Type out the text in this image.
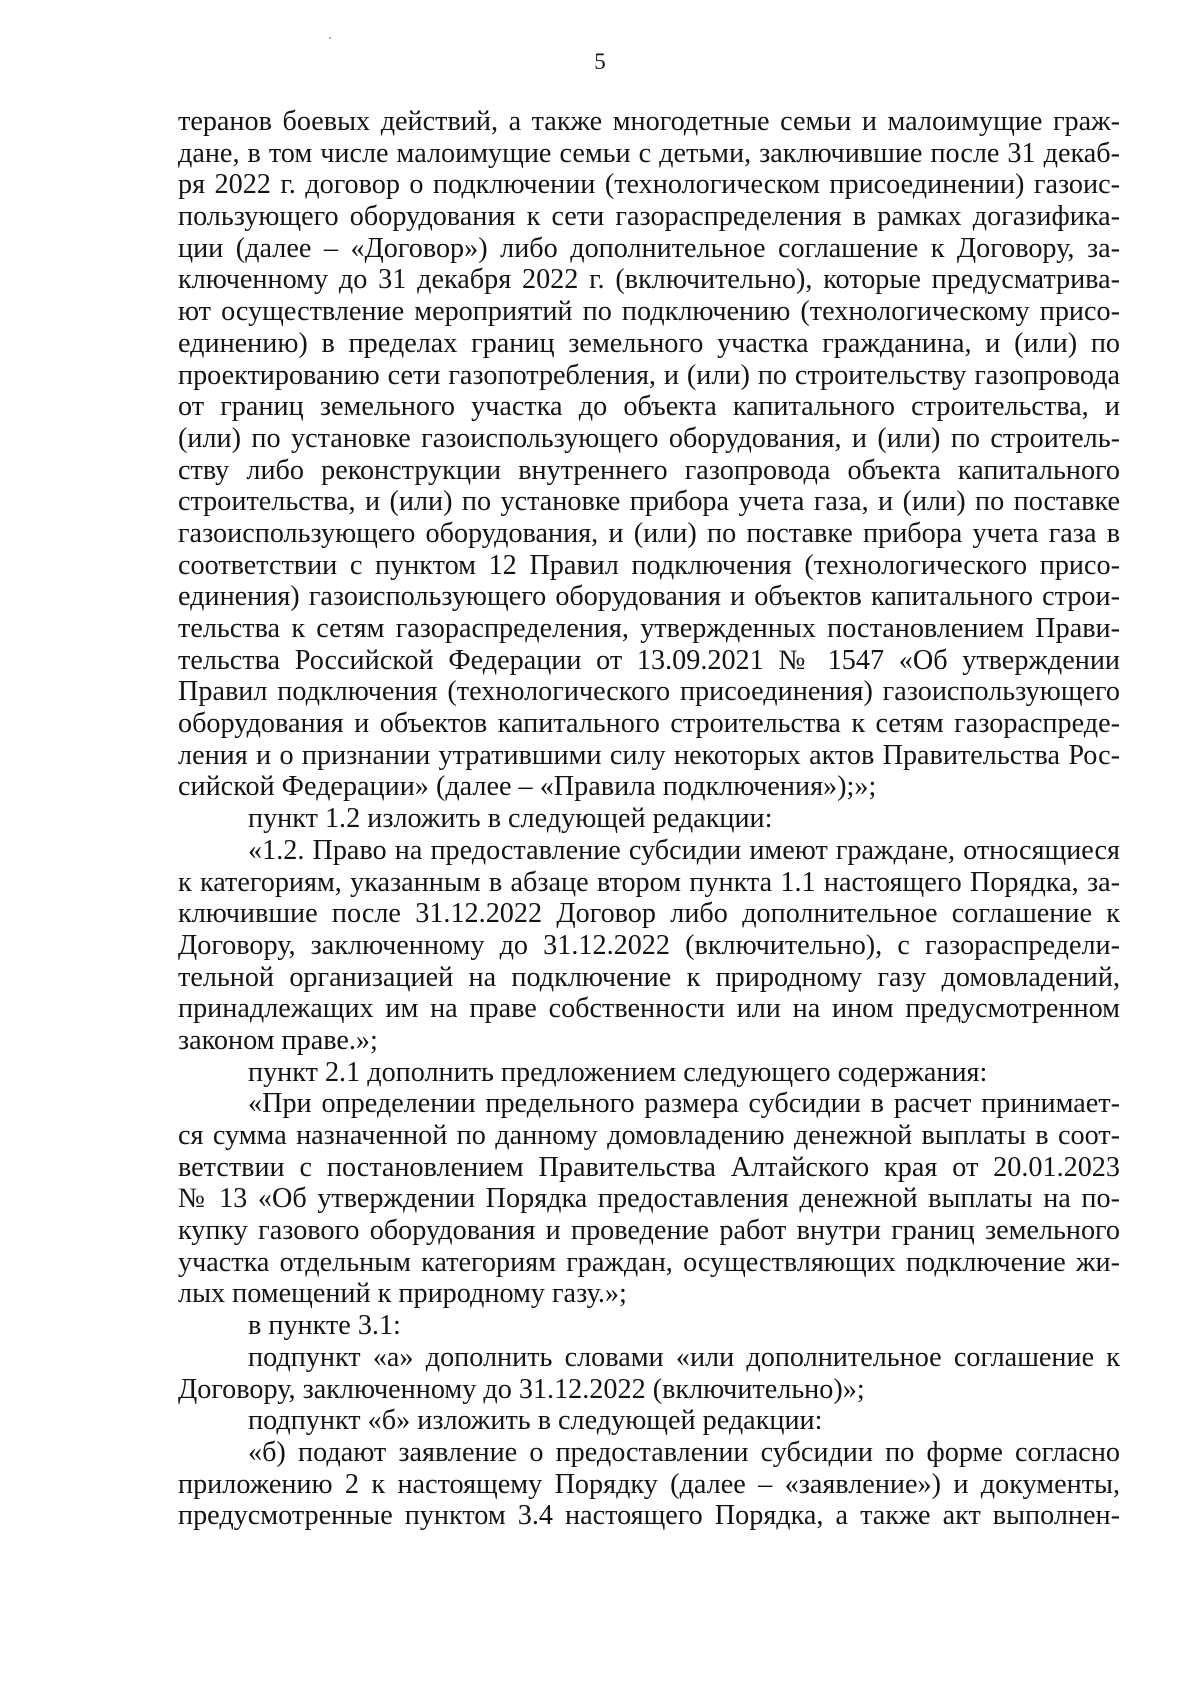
5
теранов боевых действий, а также многодетные семьи и малоимущие граж-
дане, в том числе малоимущие семьи с детьми, заключившие после 31 декаб-
ря 2022 г. договор о подключении (технологическом присоединении) газоис-
пользующего оборудования к сети газораспределения в рамках догазифика-
ции (далее – «Договор») либо дополнительное соглашение к Договору, за-
ключенному до 31 декабря 2022 г. (включительно), которые предусматрива-
ют осуществление мероприятий по подключению (технологическому присо-
единению) в пределах границ земельного участка гражданина, и (или) по
проектированию сети газопотребления, и (или) по строительству газопровода
от границ земельного участка до объекта капитального строительства, и
(или) по установке газоиспользующего оборудования, и (или) по строитель-
ству либо реконструкции внутреннего газопровода объекта капитального
строительства, и (или) по установке прибора учета газа, и (или) по поставке
газоиспользующего оборудования, и (или) по поставке прибора учета газа в
соответствии с пунктом 12 Правил подключения (технологического присо-
единения) газоиспользующего оборудования и объектов капитального строи-
тельства к сетям газораспределения, утвержденных постановлением Прави-
тельства Российской Федерации от 13.09.2021 № 1547 «Об утверждении
Правил подключения (технологического присоединения) газоиспользующего
оборудования и объектов капитального строительства к сетям газораспреде-
ления и о признании утратившими силу некоторых актов Правительства Рос-
сийской Федерации» (далее – «Правила подключения»);»;
пункт 1.2 изложить в следующей редакции:
«1.2. Право на предоставление субсидии имеют граждане, относящиеся
к категориям, указанным в абзаце втором пункта 1.1 настоящего Порядка, за-
ключившие после 31.12.2022 Договор либо дополнительное соглашение к
Договору, заключенному до 31.12.2022 (включительно), с газораспредели-
тельной организацией на подключение к природному газу домовладений,
принадлежащих им на праве собственности или на ином предусмотренном
законом праве.»;
пункт 2.1 дополнить предложением следующего содержания:
«При определении предельного размера субсидии в расчет принимает-
ся сумма назначенной по данному домовладению денежной выплаты в соот-
ветствии с постановлением Правительства Алтайского края от 20.01.2023
№ 13 «Об утверждении Порядка предоставления денежной выплаты на по-
купку газового оборудования и проведение работ внутри границ земельного
участка отдельным категориям граждан, осуществляющих подключение жи-
лых помещений к природному газу.»;
в пункте 3.1:
подпункт «а» дополнить словами «или дополнительное соглашение к
Договору, заключенному до 31.12.2022 (включительно)»;
подпункт «б» изложить в следующей редакции:
«б) подают заявление о предоставлении субсидии по форме согласно
приложению 2 к настоящему Порядку (далее – «заявление») и документы,
предусмотренные пунктом 3.4 настоящего Порядка, а также акт выполнен-
